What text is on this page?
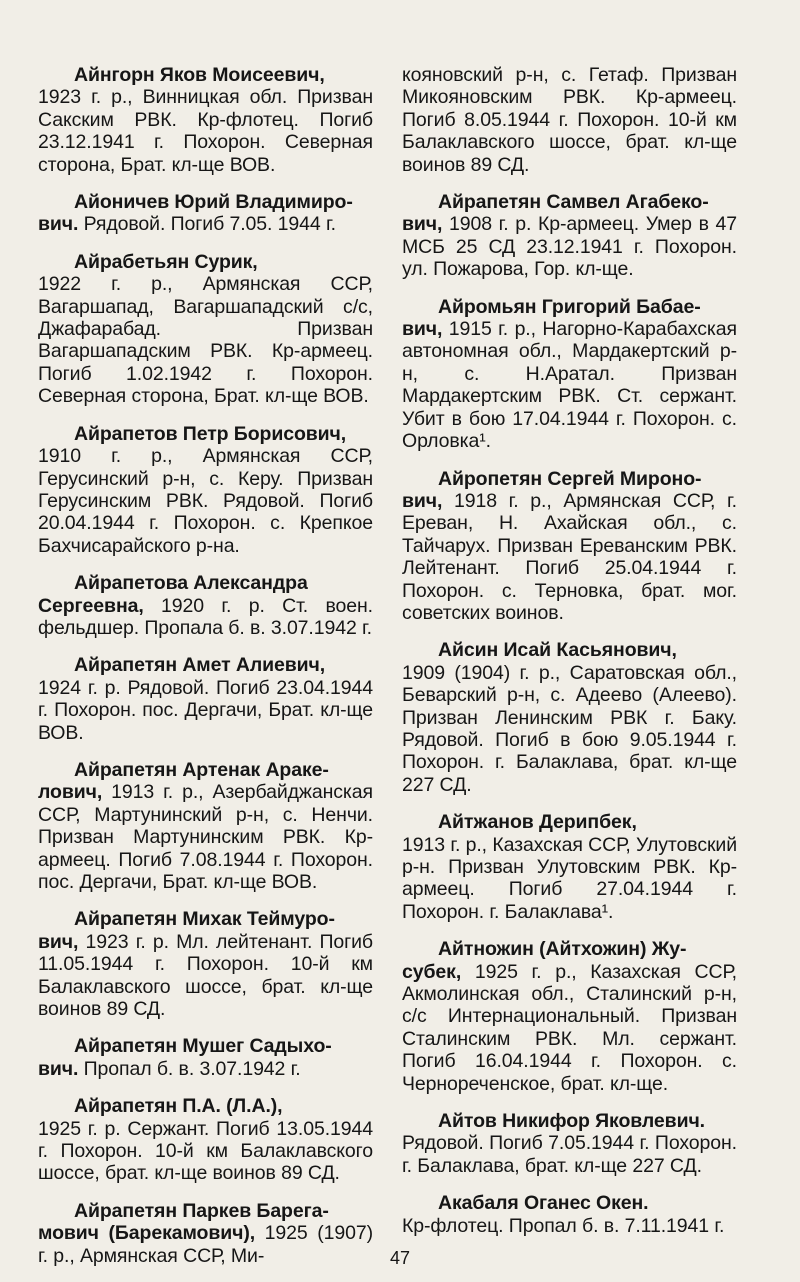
Айнгорн Яков Моисеевич,
1923 г. р., Винницкая обл. Призван Сакским РВК. Кр-флотец. Погиб 23.12.1941 г. Похорон. Северная сторона, Брат. кл-ще ВОВ.
Айоничев Юрий Владимиро-
вич. Рядовой. Погиб 7.05. 1944 г.
Айрабетьян Сурик,
1922 г. р., Армянская ССР, Вагаршапад, Вагаршападский с/с, Джафарабад. Призван Вагаршападским РВК. Кр-армеец. Погиб 1.02.1942 г. Похорон. Северная сторона, Брат. кл-ще ВОВ.
Айрапетов Петр Борисович,
1910 г. р., Армянская ССР, Герусинский р-н, с. Керу. Призван Герусинским РВК. Рядовой. Погиб 20.04.1944 г. Похорон. с. Крепкое Бахчисарайского р-на.
Айрапетова Александра
Сергеевна, 1920 г. р. Ст. воен. фельдшер. Пропала б. в. 3.07.1942 г.
Айрапетян Амет Алиевич,
1924 г. р. Рядовой. Погиб 23.04.1944 г. Похорон. пос. Дергачи, Брат. кл-ще ВОВ.
Айрапетян Артенак Араке-
лович, 1913 г. р., Азербайджанская ССР, Мартунинский р-н, с. Ненчи. Призван Мартунинским РВК. Кр-армеец. Погиб 7.08.1944 г. Похорон. пос. Дергачи, Брат. кл-ще ВОВ.
Айрапетян Михак Теймуро-
вич, 1923 г. р. Мл. лейтенант. Погиб 11.05.1944 г. Похорон. 10-й км Балаклавского шоссе, брат. кл-ще воинов 89 СД.
Айрапетян Мушег Садыхо-
вич. Пропал б. в. 3.07.1942 г.
Айрапетян П.А. (Л.А.),
1925 г. р. Сержант. Погиб 13.05.1944 г. Похорон. 10-й км Балаклавского шоссе, брат. кл-ще воинов 89 СД.
Айрапетян Паркев Барега-
мович (Барекамович), 1925 (1907) г. р., Армянская ССР, Ми-
кояновский р-н, с. Гетаф. Призван Микояновским РВК. Кр-армеец. Погиб 8.05.1944 г. Похорон. 10-й км Балаклавского шоссе, брат. кл-ще воинов 89 СД.
Айрапетян Самвел Агабеко-
вич, 1908 г. р. Кр-армеец. Умер в 47 МСБ 25 СД 23.12.1941 г. Похорон. ул. Пожарова, Гор. кл-ще.
Айромьян Григорий Бабае-
вич, 1915 г. р., Нагорно-Карабахская автономная обл., Мардакертский р-н, с. Н.Аратал. Призван Мардакертским РВК. Ст. сержант. Убит в бою 17.04.1944 г. Похорон. с. Орловка¹.
Айропетян Сергей Мироно-
вич, 1918 г. р., Армянская ССР, г. Ереван, Н. Ахайская обл., с. Тайчарух. Призван Ереванским РВК. Лейтенант. Погиб 25.04.1944 г. Похорон. с. Терновка, брат. мог. советских воинов.
Айсин Исай Касьянович,
1909 (1904) г. р., Саратовская обл., Беварский р-н, с. Адеево (Алеево). Призван Ленинским РВК г. Баку. Рядовой. Погиб в бою 9.05.1944 г. Похорон. г. Балаклава, брат. кл-ще 227 СД.
Айтжанов Дерипбек,
1913 г. р., Казахская ССР, Улутовский р-н. Призван Улутовским РВК. Кр-армеец. Погиб 27.04.1944 г. Похорон. г. Балаклава¹.
Айтножин (Айтхожин) Жу-
субек, 1925 г. р., Казахская ССР, Акмолинская обл., Сталинский р-н, с/с Интернациональный. Призван Сталинским РВК. Мл. сержант. Погиб 16.04.1944 г. Похорон. с. Чернореченское, брат. кл-ще.
Айтов Никифор Яковлевич.
Рядовой. Погиб 7.05.1944 г. Похорон. г. Балаклава, брат. кл-ще 227 СД.
Акабаля Оганес Окен.
Кр-флотец. Пропал б. в. 7.11.1941 г.
47
